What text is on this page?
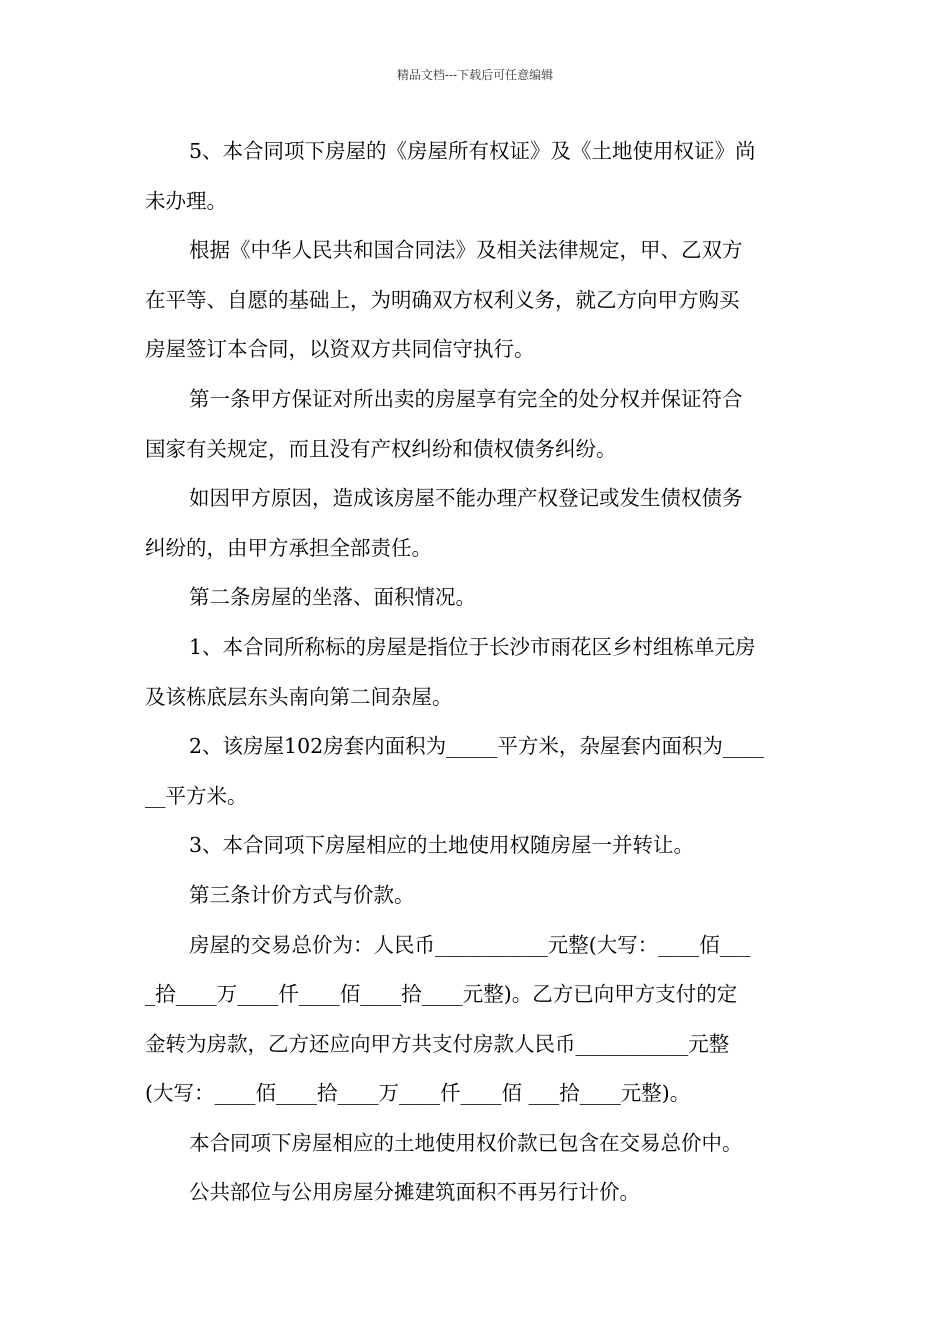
精品文档---下载后可任意编辑
5、本合同项下房屋的《房屋所有权证》及《土地使用权证》尚
未办理。
根据《中华人民共和国合同法》及相关法律规定，甲、乙双方
在平等、自愿的基础上，为明确双方权利义务，就乙方向甲方购买
房屋签订本合同，以资双方共同信守执行。
第一条甲方保证对所出卖的房屋享有完全的处分权并保证符合
国家有关规定，而且没有产权纠纷和债权债务纠纷。
如因甲方原因，造成该房屋不能办理产权登记或发生债权债务
纠纷的，由甲方承担全部责任。
第二条房屋的坐落、面积情况。
1、本合同所称标的房屋是指位于长沙市雨花区乡村组栋单元房
及该栋底层东头南向第二间杂屋。
2、该房屋102房套内面积为_____平方米，杂屋套内面积为____
__平方米。
3、本合同项下房屋相应的土地使用权随房屋一并转让。
第三条计价方式与价款。
房屋的交易总价为：人民币___________元整(大写：____佰___
_拾____万____仟____佰____拾____元整)。乙方已向甲方支付的定
金转为房款，乙方还应向甲方共支付房款人民币___________元整
(大写：____佰____拾____万____仟____佰 ___拾____元整)。
本合同项下房屋相应的土地使用权价款已包含在交易总价中。
公共部位与公用房屋分摊建筑面积不再另行计价。
